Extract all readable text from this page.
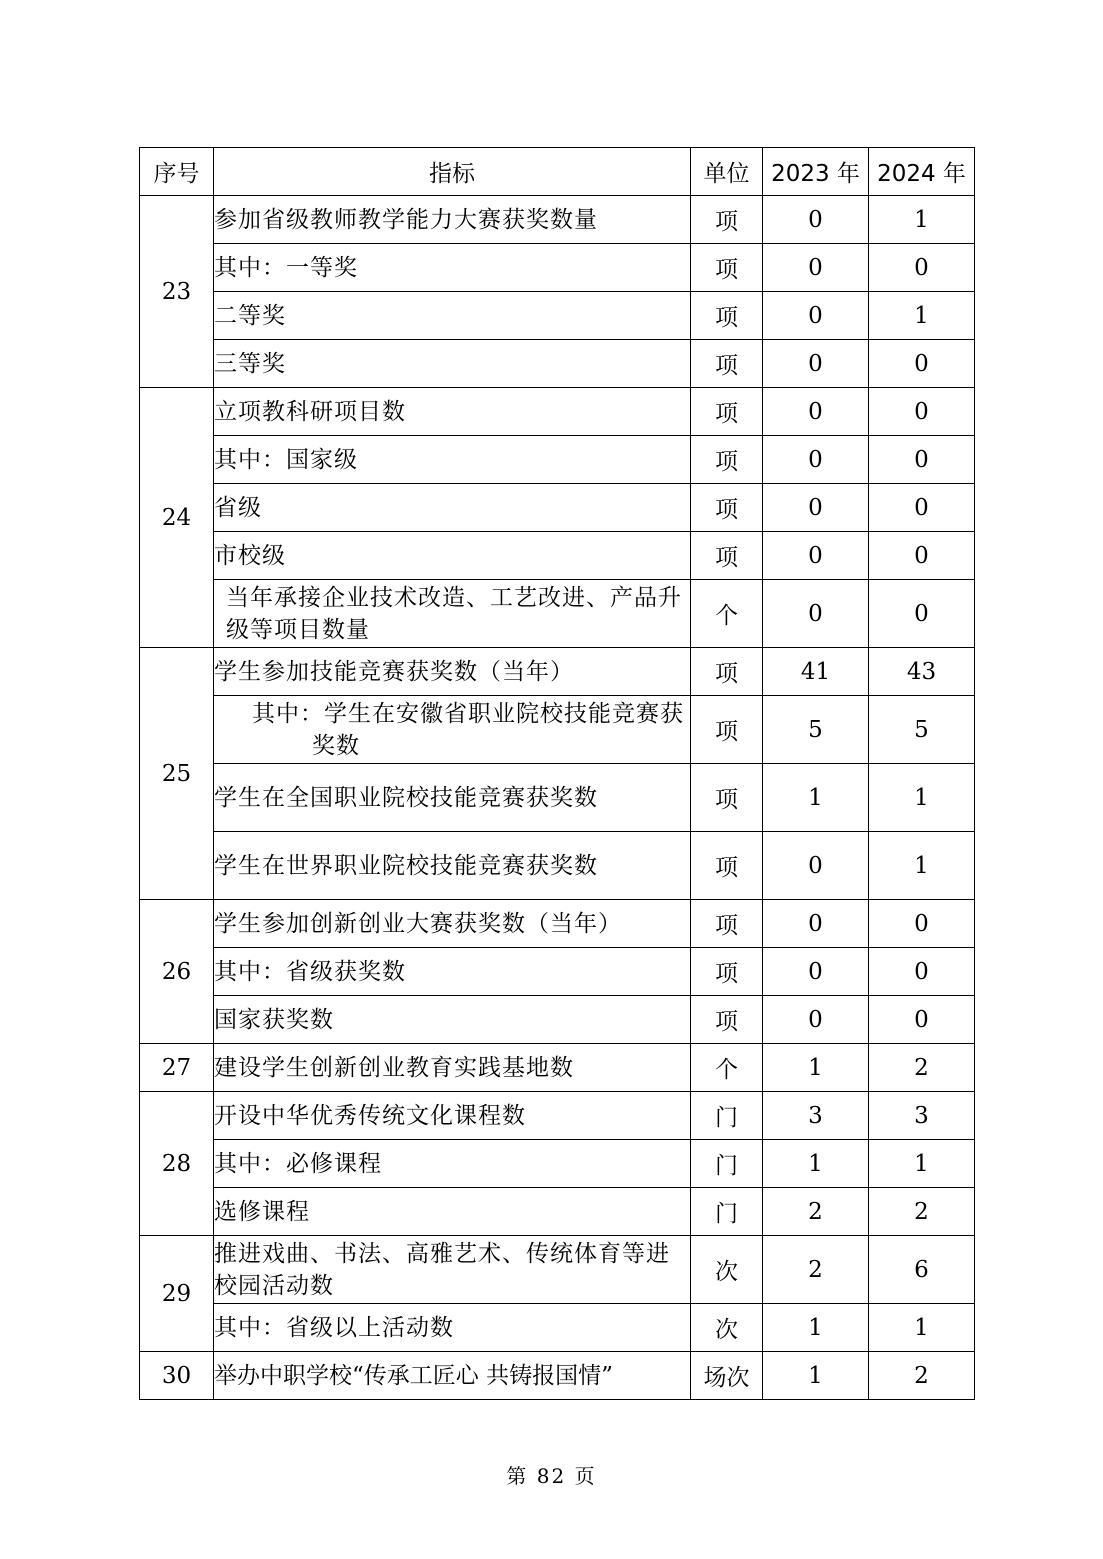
序号	指标	单位	2023 年	2024 年
23	参加省级教师教学能力大赛获奖数量	项	0	1
	其中：一等奖	项	0	0
	二等奖	项	0	1
	三等奖	项	0	0
24	立项教科研项目数	项	0	0
	其中：国家级	项	0	0
	省级	项	0	0
	市校级	项	0	0
	当年承接企业技术改造、工艺改进、产品升级等项目数量	个	0	0
25	学生参加技能竞赛获奖数（当年）	项	41	43

	其中：学生在安徽省职业院校技能竞赛获奖数	项	5	5
	学生在全国职业院校技能竞赛获奖数	项	1	1
	学生在世界职业院校技能竞赛获奖数	项	0	1
26	学生参加创新创业大赛获奖数（当年）	项	0	0
	其中：省级获奖数	项	0	0
	国家获奖数	项	0	0
27	建设学生创新创业教育实践基地数	个	1	2
28	开设中华优秀传统文化课程数	门	3	3
	其中：必修课程	门	1	1
	选修课程	门	2	2
29	推进戏曲、书法、高雅艺术、传统体育等进校园活动数	次	2	6
	其中：省级以上活动数	次	1	1
30	举办中职学校“传承工匠心 共铸报国情”	场次	1	2
第 82 页
